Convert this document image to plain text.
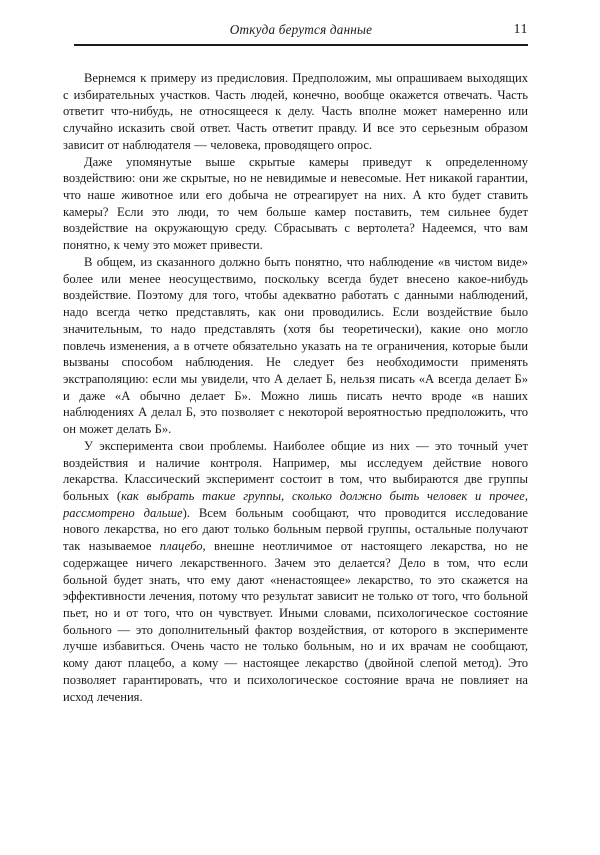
Откуда берутся данные	11

Вернемся к примеру из предисловия. Предположим, мы опрашиваем выходящих с избирательных участков. Часть людей, конечно, вообще окажется отвечать. Часть ответит что-нибудь, не относящееся к делу. Часть вполне может намеренно или случайно исказить свой ответ. Часть ответит правду. И все это серьезным образом зависит от наблюдателя — человека, проводящего опрос.

Даже упомянутые выше скрытые камеры приведут к определенному воздействию: они же скрытые, но не невидимые и невесомые. Нет никакой гарантии, что наше животное или его добыча не отреагирует на них. А кто будет ставить камеры? Если это люди, то чем больше камер поставить, тем сильнее будет воздействие на окружающую среду. Сбрасывать с вертолета? Надеемся, что вам понятно, к чему это может привести.

В общем, из сказанного должно быть понятно, что наблюдение «в чистом виде» более или менее неосуществимо, поскольку всегда будет внесено какое-нибудь воздействие. Поэтому для того, чтобы адекватно работать с данными наблюдений, надо всегда четко представлять, как они проводились. Если воздействие было значительным, то надо представлять (хотя бы теоретически), какие оно могло повлечь изменения, а в отчете обязательно указать на те ограничения, которые были вызваны способом наблюдения. Не следует без необходимости применять экстраполяцию: если мы увидели, что А делает Б, нельзя писать «А всегда делает Б» и даже «А обычно делает Б». Можно лишь писать нечто вроде «в наших наблюдениях А делал Б, это позволяет с некоторой вероятностью предположить, что он может делать Б».

У эксперимента свои проблемы. Наиболее общие из них — это точный учет воздействия и наличие контроля. Например, мы исследуем действие нового лекарства. Классический эксперимент состоит в том, что выбираются две группы больных (как выбрать такие группы, сколько должно быть человек и прочее, рассмотрено дальше). Всем больным сообщают, что проводится исследование нового лекарства, но его дают только больным первой группы, остальные получают так называемое плацебо, внешне неотличимое от настоящего лекарства, но не содержащее ничего лекарственного. Зачем это делается? Дело в том, что если больной будет знать, что ему дают «ненастоящее» лекарство, то это скажется на эффективности лечения, потому что результат зависит не только от того, что больной пьет, но и от того, что он чувствует. Иными словами, психологическое состояние больного — это дополнительный фактор воздействия, от которого в эксперименте лучше избавиться. Очень часто не только больным, но и их врачам не сообщают, кому дают плацебо, а кому — настоящее лекарство (двойной слепой метод). Это позволяет гарантировать, что и психологическое состояние врача не повлияет на исход лечения.
